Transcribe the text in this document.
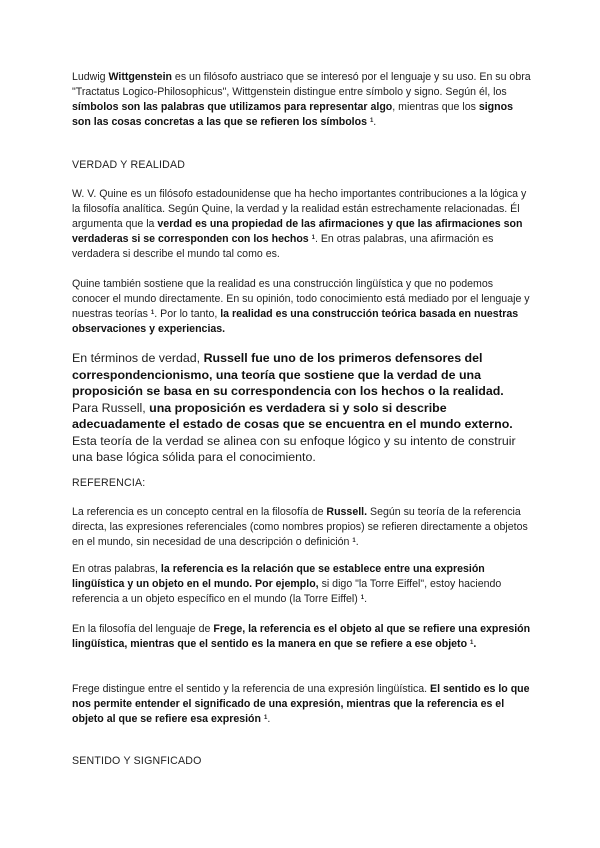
Ludwig Wittgenstein es un filósofo austriaco que se interesó por el lenguaje y su uso. En su obra "Tractatus Logico-Philosophicus", Wittgenstein distingue entre símbolo y signo. Según él, los símbolos son las palabras que utilizamos para representar algo, mientras que los signos son las cosas concretas a las que se refieren los símbolos $^1$.

VERDAD Y REALIDAD

W. V. Quine es un filósofo estadounidense que ha hecho importantes contribuciones a la lógica y la filosofía analítica. Según Quine, la verdad y la realidad están estrechamente relacionadas. Él argumenta que la verdad es una propiedad de las afirmaciones y que las afirmaciones son verdaderas si se corresponden con los hechos $^1$. En otras palabras, una afirmación es verdadera si describe el mundo tal como es.

Quine también sostiene que la realidad es una construcción lingüística y que no podemos conocer el mundo directamente. En su opinión, todo conocimiento está mediado por el lenguaje y nuestras teorías $^1$. Por lo tanto, la realidad es una construcción teórica basada en nuestras observaciones y experiencias.

En términos de verdad, Russell fue uno de los primeros defensores del correspondencionismo, una teoría que sostiene que la verdad de una proposición se basa en su correspondencia con los hechos o la realidad. Para Russell, una proposición es verdadera si y solo si describe adecuadamente el estado de cosas que se encuentra en el mundo externo. Esta teoría de la verdad se alinea con su enfoque lógico y su intento de construir una base lógica sólida para el conocimiento.

REFERENCIA:

La referencia es un concepto central en la filosofía de Russell. Según su teoría de la referencia directa, las expresiones referenciales (como nombres propios) se refieren directamente a objetos en el mundo, sin necesidad de una descripción o definición $^1$.

En otras palabras, la referencia es la relación que se establece entre una expresión lingüística y un objeto en el mundo. Por ejemplo, si digo "la Torre Eiffel", estoy haciendo referencia a un objeto específico en el mundo (la Torre Eiffel) $^1$.

En la filosofía del lenguaje de Frege, la referencia es el objeto al que se refiere una expresión lingüística, mientras que el sentido es la manera en que se refiere a ese objeto $^1$.

Frege distingue entre el sentido y la referencia de una expresión lingüística. El sentido es lo que nos permite entender el significado de una expresión, mientras que la referencia es el objeto al que se refiere esa expresión $^1$.

SENTIDO Y SIGNFICADO
